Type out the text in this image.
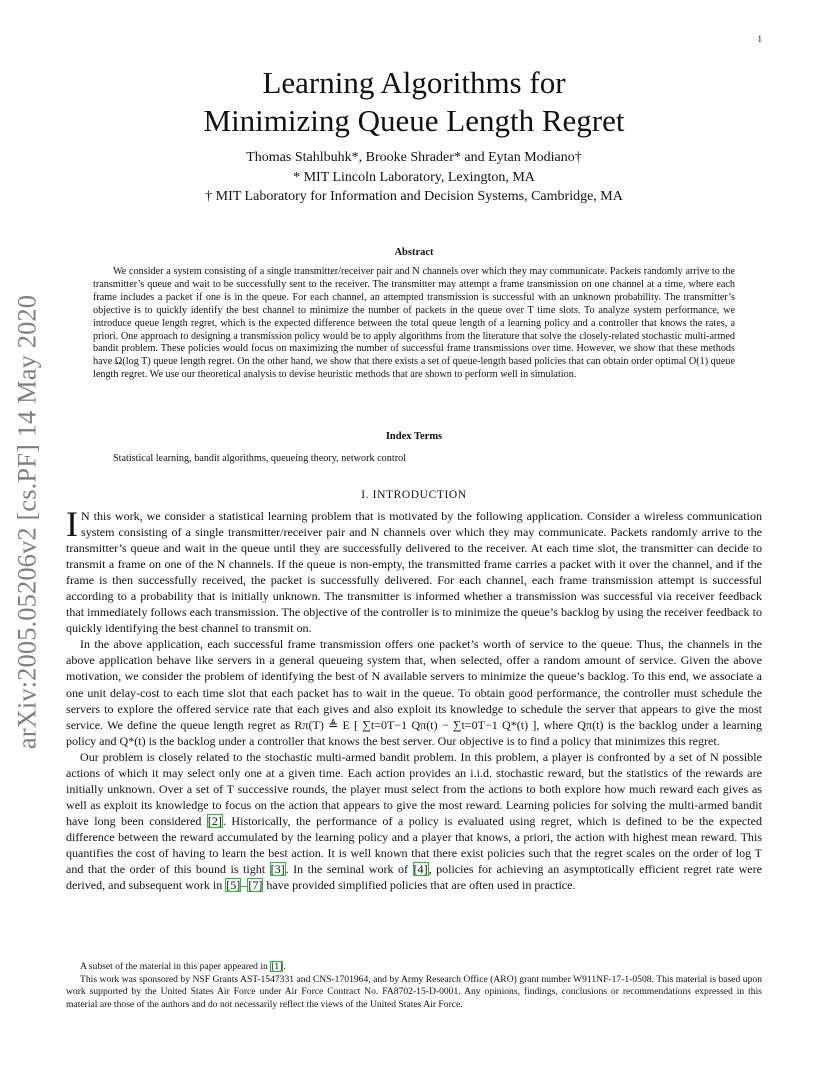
1
arXiv:2005.05206v2 [cs.PF] 14 May 2020
Learning Algorithms for
Minimizing Queue Length Regret
Thomas Stahlbuhk*, Brooke Shrader* and Eytan Modiano†
* MIT Lincoln Laboratory, Lexington, MA
† MIT Laboratory for Information and Decision Systems, Cambridge, MA
Abstract

We consider a system consisting of a single transmitter/receiver pair and N channels over which they may communicate. Packets randomly arrive to the transmitter’s queue and wait to be successfully sent to the receiver. The transmitter may attempt a frame transmission on one channel at a time, where each frame includes a packet if one is in the queue. For each channel, an attempted transmission is successful with an unknown probability. The transmitter’s objective is to quickly identify the best channel to minimize the number of packets in the queue over T time slots. To analyze system performance, we introduce queue length regret, which is the expected difference between the total queue length of a learning policy and a controller that knows the rates, a priori. One approach to designing a transmission policy would be to apply algorithms from the literature that solve the closely-related stochastic multi-armed bandit problem. These policies would focus on maximizing the number of successful frame transmissions over time. However, we show that these methods have Ω(log T) queue length regret. On the other hand, we show that there exists a set of queue-length based policies that can obtain order optimal O(1) queue length regret. We use our theoretical analysis to devise heuristic methods that are shown to perform well in simulation.

Index Terms
Statistical learning, bandit algorithms, queueing theory, network control
I. INTRODUCTION

I N this work, we consider a statistical learning problem that is motivated by the following application. Consider a wireless communication system consisting of a single transmitter/receiver pair and N channels over which they may communicate. Packets randomly arrive to the transmitter’s queue and wait in the queue until they are successfully delivered to the receiver. At each time slot, the transmitter can decide to transmit a frame on one of the N channels. If the queue is non-empty, the transmitted frame carries a packet with it over the channel, and if the frame is then successfully received, the packet is successfully delivered. For each channel, each frame transmission attempt is successful according to a probability that is initially unknown. The transmitter is informed whether a transmission was successful via receiver feedback that immediately follows each transmission. The objective of the controller is to minimize the queue’s backlog by using the receiver feedback to quickly identifying the best channel to transmit on.

In the above application, each successful frame transmission offers one packet’s worth of service to the queue. Thus, the channels in the above application behave like servers in a general queueing system that, when selected, offer a random amount of service. Given the above motivation, we consider the problem of identifying the best of N available servers to minimize the queue’s backlog. To this end, we associate a one unit delay-cost to each time slot that each packet has to wait in the queue. To obtain good performance, the controller must schedule the servers to explore the offered service rate that each gives and also exploit its knowledge to schedule the server that appears to give the most service. We define the queue length regret as Rπ(T) ≜ E [ ∑t=0T−1 Qπ(t) − ∑t=0T−1 Q*(t) ], where Qπ(t) is the backlog under a learning policy and Q*(t) is the backlog under a controller that knows the best server. Our objective is to find a policy that minimizes this regret.

Our problem is closely related to the stochastic multi-armed bandit problem. In this problem, a player is confronted by a set of N possible actions of which it may select only one at a given time. Each action provides an i.i.d. stochastic reward, but the statistics of the rewards are initially unknown. Over a set of T successive rounds, the player must select from the actions to both explore how much reward each gives as well as exploit its knowledge to focus on the action that appears to give the most reward. Learning policies for solving the multi-armed bandit have long been considered [2]. Historically, the performance of a policy is evaluated using regret, which is defined to be the expected difference between the reward accumulated by the learning policy and a player that knows, a priori, the action with highest mean reward. This quantifies the cost of having to learn the best action. It is well known that there exist policies such that the regret scales on the order of log T and that the order of this bound is tight [3]. In the seminal work of [4], policies for achieving an asymptotically efficient regret rate were derived, and subsequent work in [5]–[7] have provided simplified policies that are often used in practice.

A subset of the material in this paper appeared in [1].

This work was sponsored by NSF Grants AST-1547331 and CNS-1701964, and by Army Research Office (ARO) grant number W911NF-17-1-0508. This material is based upon work supported by the United States Air Force under Air Force Contract No. FA8702-15-D-0001. Any opinions, findings, conclusions or recommendations expressed in this material are those of the authors and do not necessarily reflect the views of the United States Air Force.
